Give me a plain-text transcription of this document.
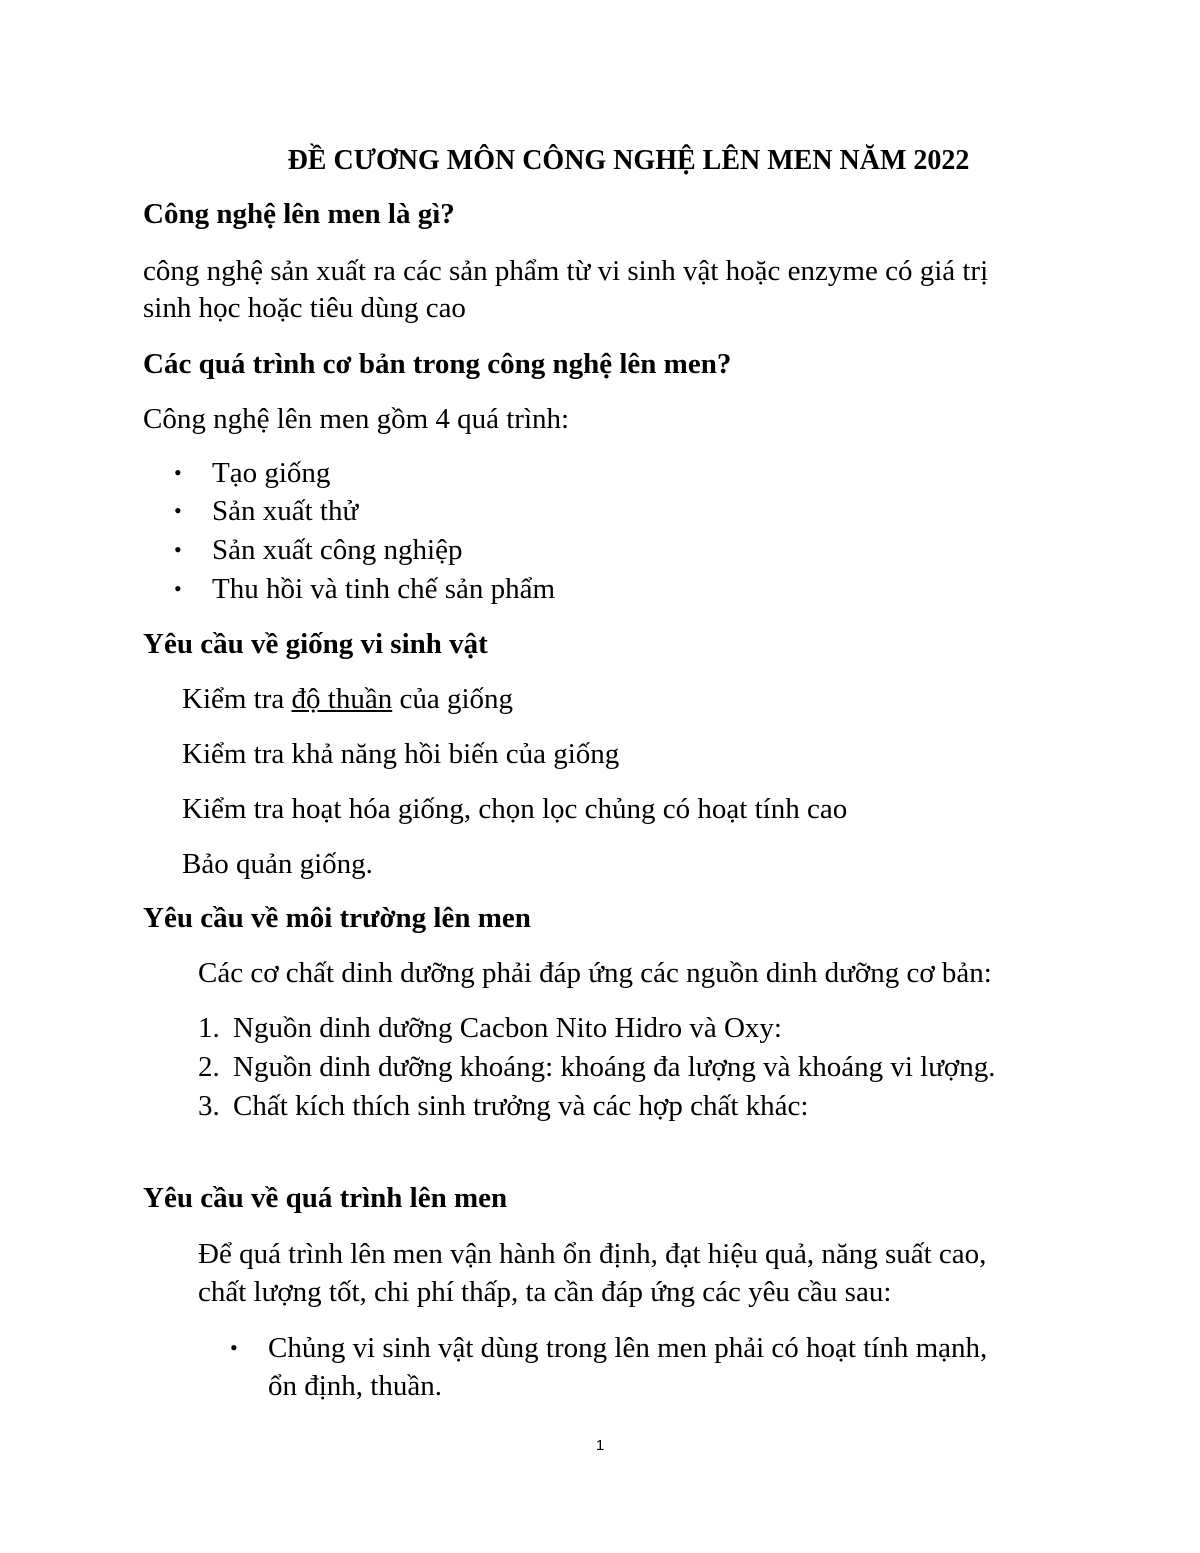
ĐỀ CƯƠNG MÔN CÔNG NGHỆ LÊN MEN NĂM 2022
Công nghệ lên men là gì?
công nghệ sản xuất ra các sản phẩm từ vi sinh vật hoặc enzyme có giá trị
sinh học hoặc tiêu dùng cao
Các quá trình cơ bản trong công nghệ lên men?
Công nghệ lên men gồm 4 quá trình:
• Tạo giống
• Sản xuất thử
• Sản xuất công nghiệp
• Thu hồi và tinh chế sản phẩm
Yêu cầu về giống vi sinh vật
Kiểm tra độ thuần của giống
Kiểm tra khả năng hồi biến của giống
Kiểm tra hoạt hóa giống, chọn lọc chủng có hoạt tính cao
Bảo quản giống.
Yêu cầu về môi trường lên men
Các cơ chất dinh dưỡng phải đáp ứng các nguồn dinh dưỡng cơ bản:
1. Nguồn dinh dưỡng Cacbon Nito Hidro và Oxy:
2. Nguồn dinh dưỡng khoáng: khoáng đa lượng và khoáng vi lượng.
3. Chất kích thích sinh trưởng và các hợp chất khác:
Yêu cầu về quá trình lên men
Để quá trình lên men vận hành ổn định, đạt hiệu quả, năng suất cao,
chất lượng tốt, chi phí thấp, ta cần đáp ứng các yêu cầu sau:
• Chủng vi sinh vật dùng trong lên men phải có hoạt tính mạnh,
ổn định, thuần.
1
